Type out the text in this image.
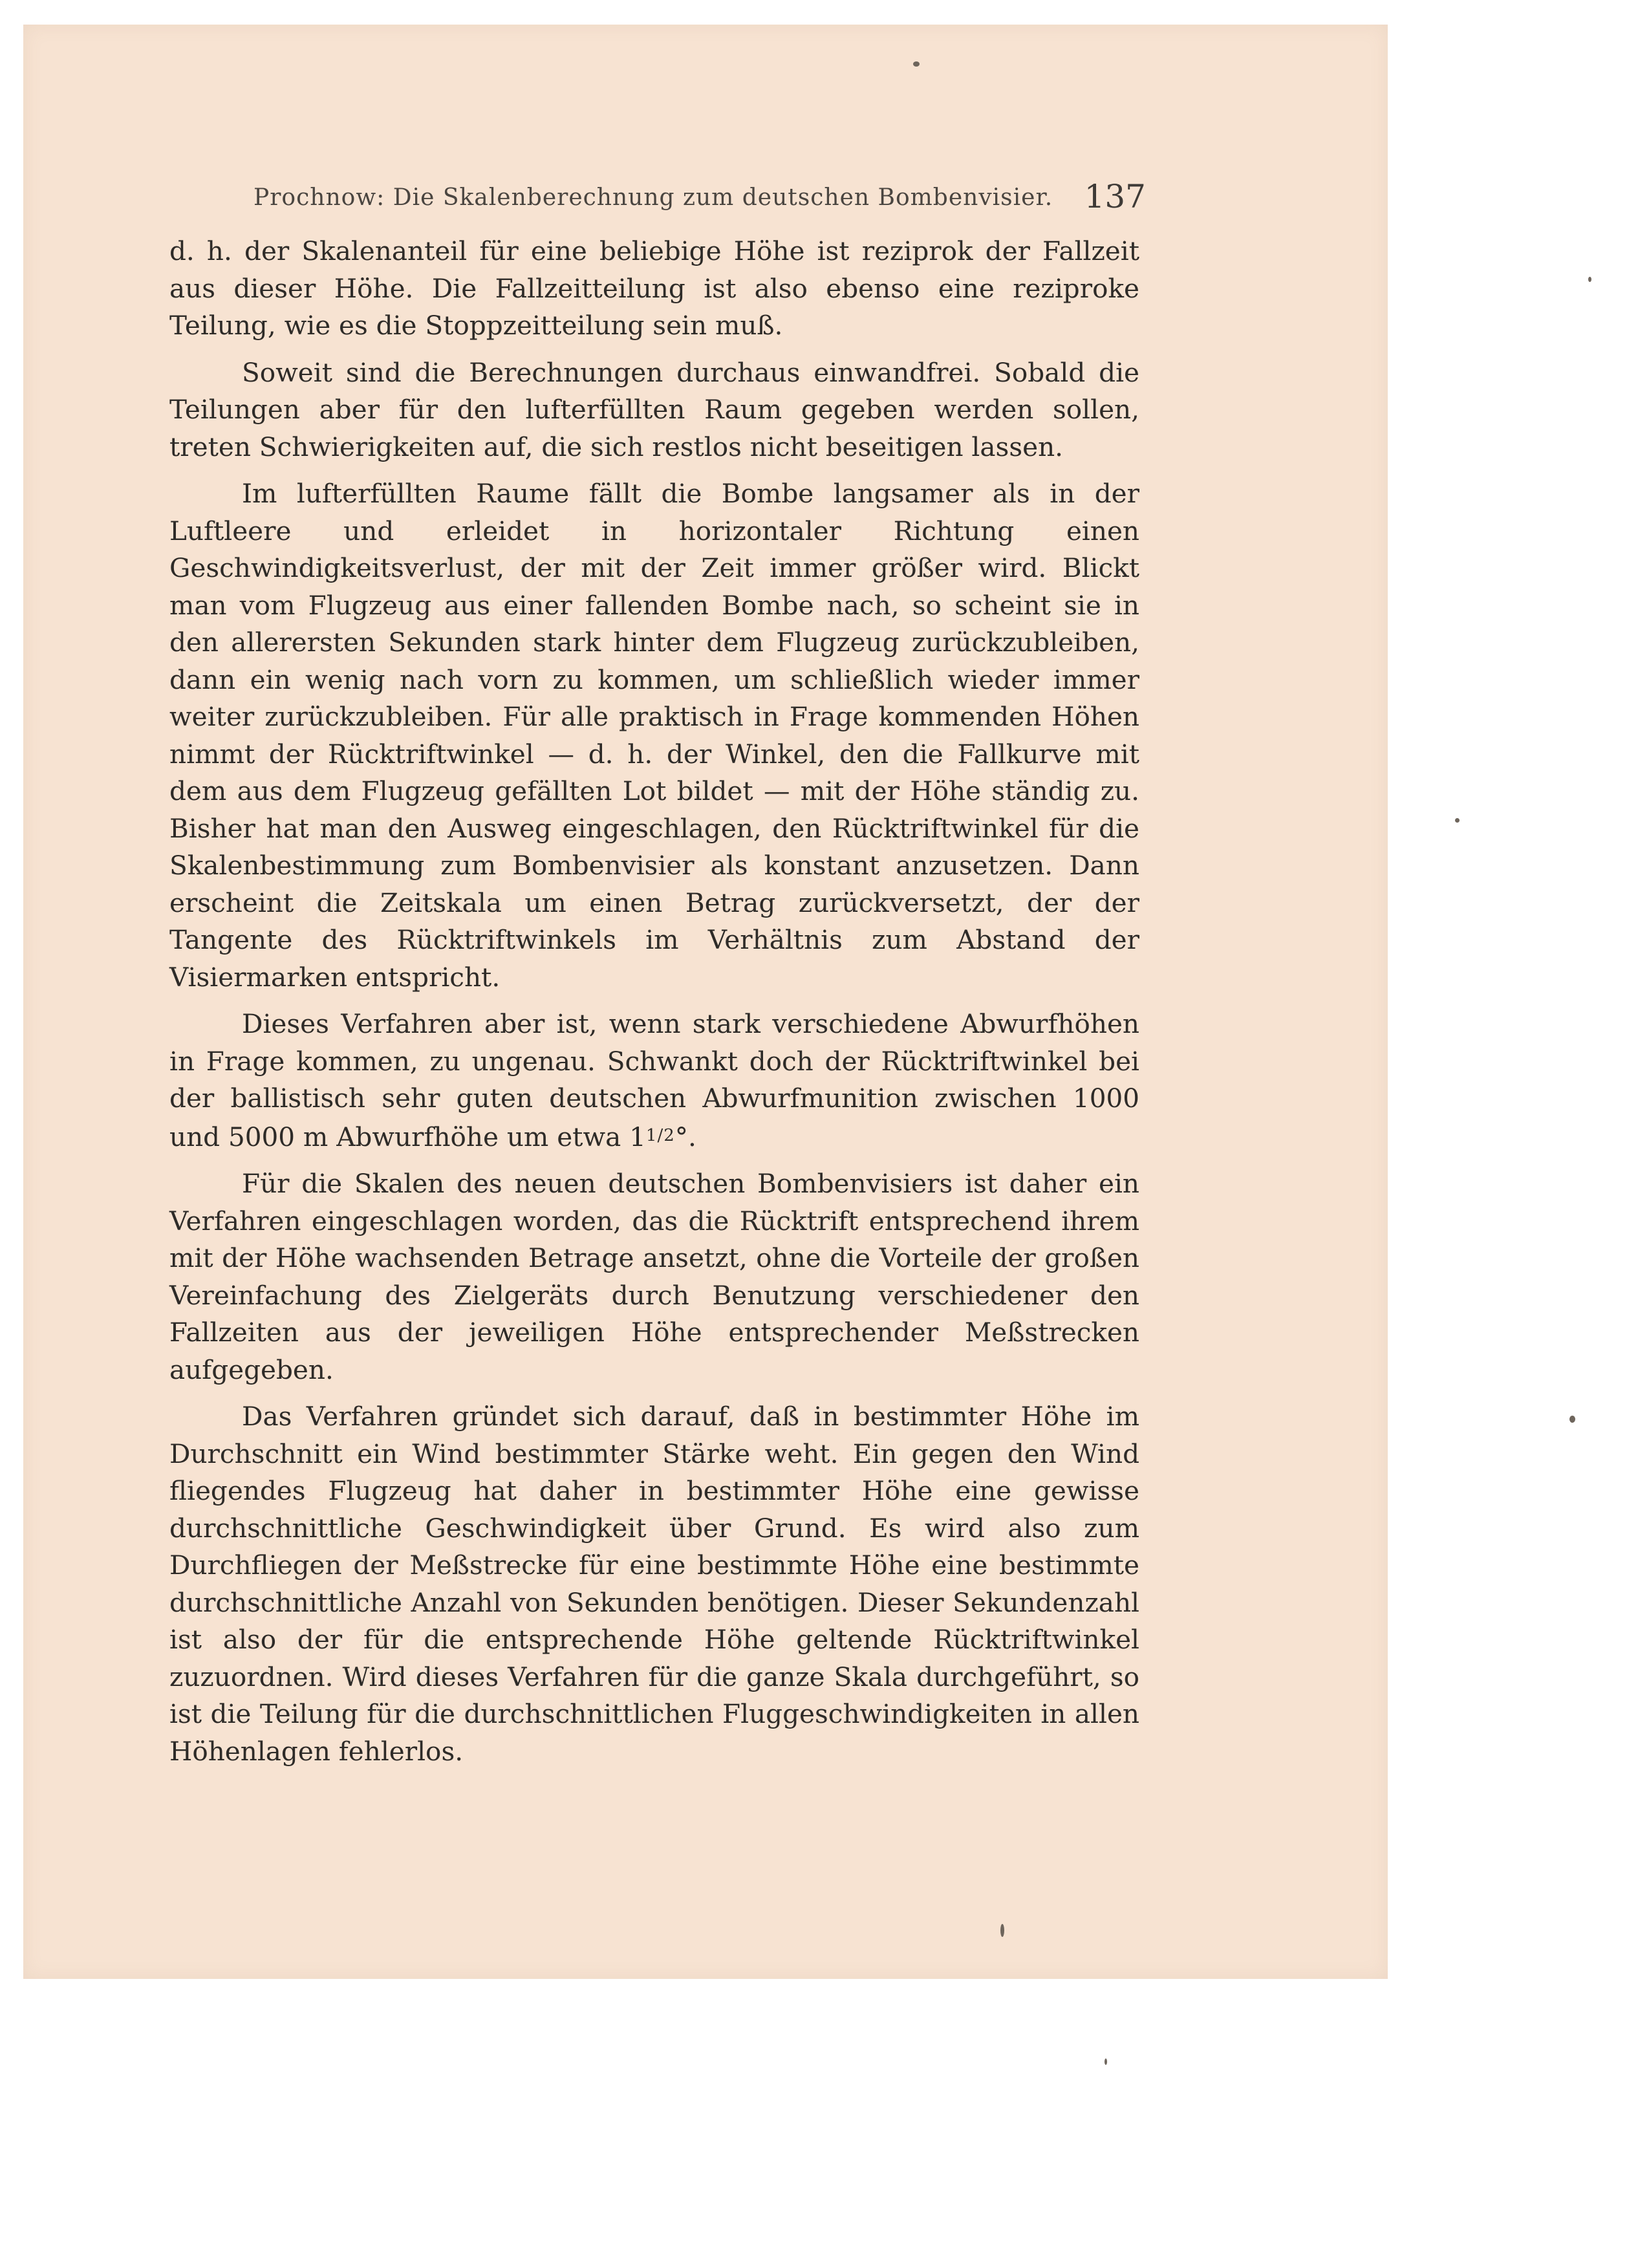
Prochnow: Die Skalenberechnung zum deutschen Bombenvisier. 137

d. h. der Skalenanteil für eine beliebige Höhe ist reziprok der Fallzeit aus dieser Höhe. Die Fallzeitteilung ist also ebenso eine reziproke Teilung, wie es die Stoppzeitteilung sein muß.

Soweit sind die Berechnungen durchaus einwandfrei. Sobald die Teilungen aber für den lufterfüllten Raum gegeben werden sollen, treten Schwierigkeiten auf, die sich restlos nicht beseitigen lassen.

Im lufterfüllten Raume fällt die Bombe langsamer als in der Luftleere und erleidet in horizontaler Richtung einen Geschwindigkeitsverlust, der mit der Zeit immer größer wird. Blickt man vom Flugzeug aus einer fallenden Bombe nach, so scheint sie in den allerersten Sekunden stark hinter dem Flugzeug zurückzubleiben, dann ein wenig nach vorn zu kommen, um schließlich wieder immer weiter zurückzubleiben. Für alle praktisch in Frage kommenden Höhen nimmt der Rücktriftwinkel — d. h. der Winkel, den die Fallkurve mit dem aus dem Flugzeug gefällten Lot bildet — mit der Höhe ständig zu. Bisher hat man den Ausweg eingeschlagen, den Rücktriftwinkel für die Skalenbestimmung zum Bombenvisier als konstant anzusetzen. Dann erscheint die Zeitskala um einen Betrag zurückversetzt, der der Tangente des Rücktriftwinkels im Verhältnis zum Abstand der Visiermarken entspricht.

Dieses Verfahren aber ist, wenn stark verschiedene Abwurfhöhen in Frage kommen, zu ungenau. Schwankt doch der Rücktriftwinkel bei der ballistisch sehr guten deutschen Abwurfmunition zwischen 1000 und 5000 m Abwurfhöhe um etwa 11/2°.

Für die Skalen des neuen deutschen Bombenvisiers ist daher ein Verfahren eingeschlagen worden, das die Rücktrift entsprechend ihrem mit der Höhe wachsenden Betrage ansetzt, ohne die Vorteile der großen Vereinfachung des Zielgeräts durch Benutzung verschiedener den Fallzeiten aus der jeweiligen Höhe entsprechender Meßstrecken aufgegeben.

Das Verfahren gründet sich darauf, daß in bestimmter Höhe im Durchschnitt ein Wind bestimmter Stärke weht. Ein gegen den Wind fliegendes Flugzeug hat daher in bestimmter Höhe eine gewisse durchschnittliche Geschwindigkeit über Grund. Es wird also zum Durchfliegen der Meßstrecke für eine bestimmte Höhe eine bestimmte durchschnittliche Anzahl von Sekunden benötigen. Dieser Sekundenzahl ist also der für die entsprechende Höhe geltende Rücktriftwinkel zuzuordnen. Wird dieses Verfahren für die ganze Skala durchgeführt, so ist die Teilung für die durchschnittlichen Fluggeschwindigkeiten in allen Höhenlagen fehlerlos.
